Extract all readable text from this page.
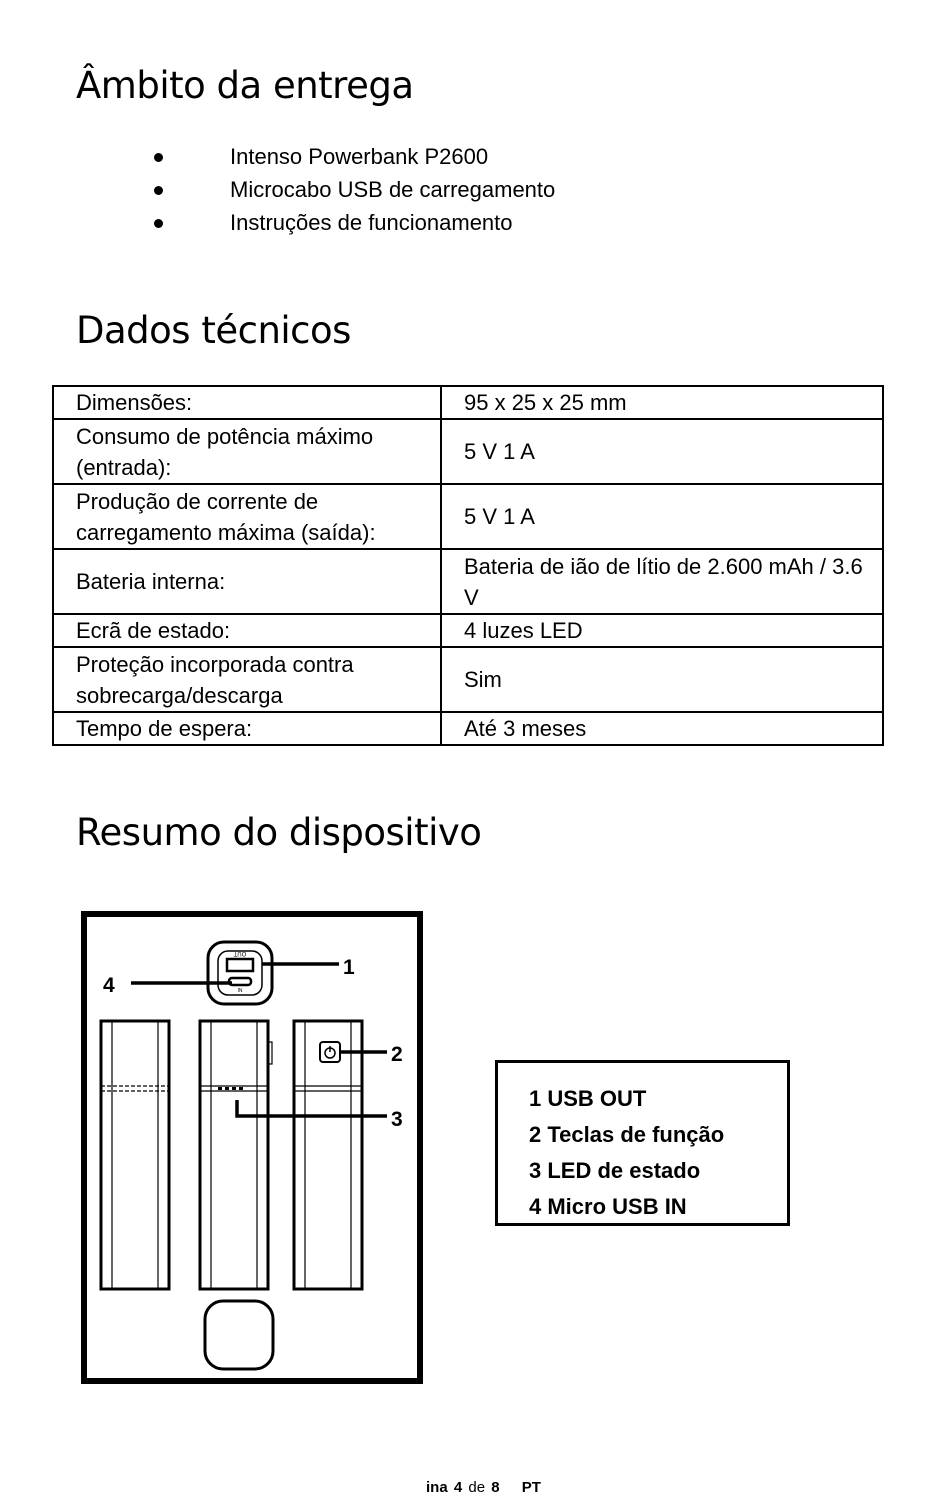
Âmbito da entrega
Intenso Powerbank P2600
Microcabo USB de carregamento
Instruções de funcionamento
Dados técnicos
Dimensões:	95 x 25 x 25 mm
Consumo de potência máximo (entrada):	5 V 1 A
Produção de corrente de carregamento máxima (saída):	5 V 1 A
Bateria interna:	Bateria de ião de lítio de 2.600 mAh / 3.6 V
Ecrã de estado:	4 luzes LED
Proteção incorporada contra sobrecarga/descarga	Sim
Tempo de espera:	Até 3 meses
Resumo do dispositivo
OUT
IN
1
4
3
2
1 USB OUT
2 Teclas de função
3 LED de estado
4 Micro USB IN
ina 4 de 8 PT
